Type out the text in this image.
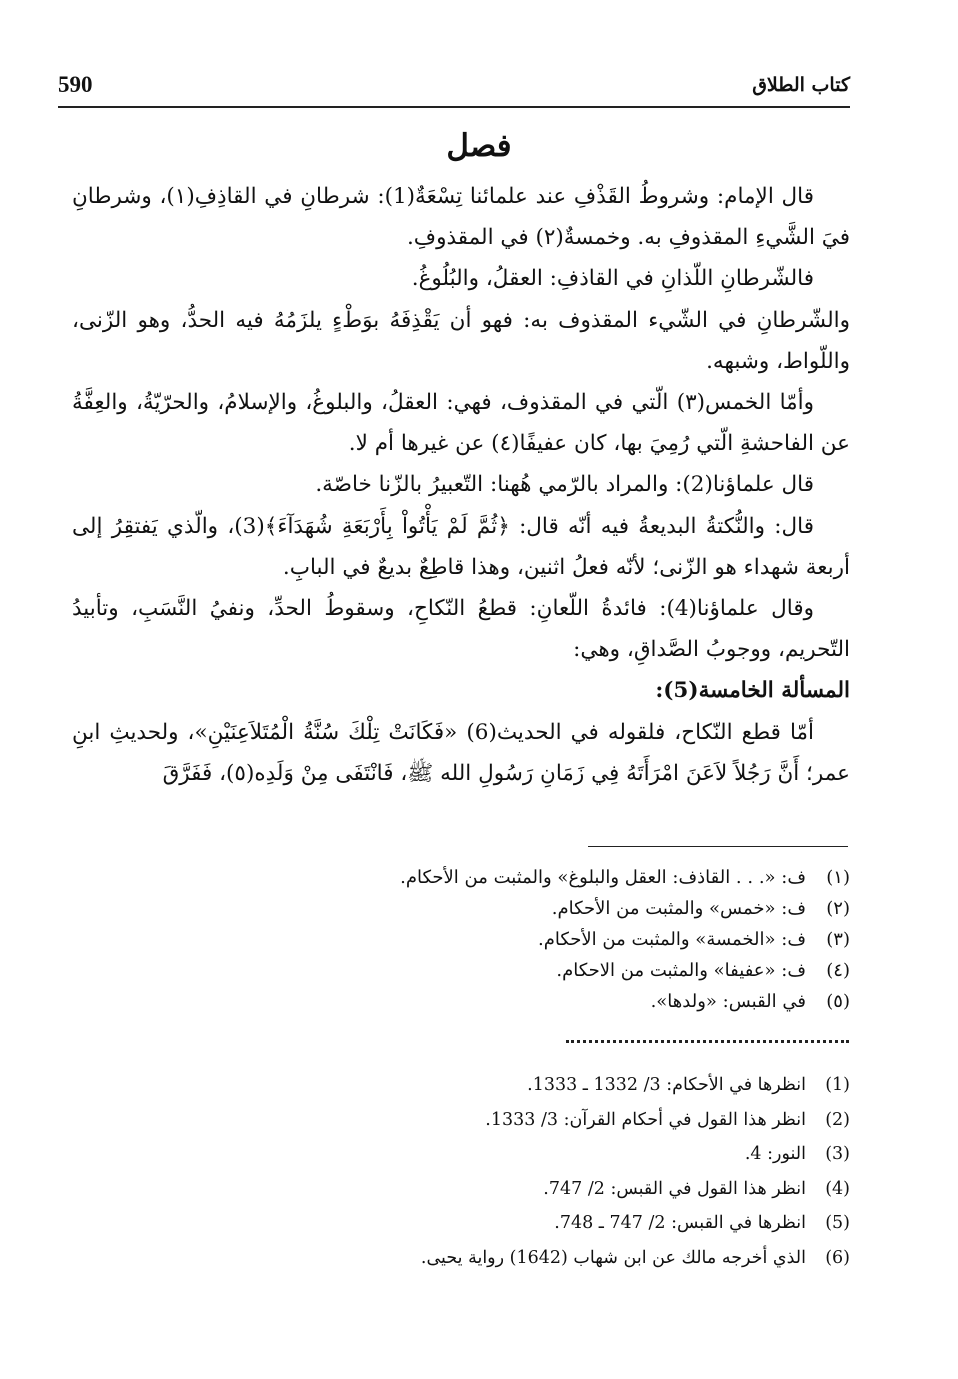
590	كتاب الطلاق
فصل

قال الإمام: وشروطُ القَذْفِ عند علمائنا تِسْعَةٌ(1): شرطانِ في القاذِفِ(١)، وشرطانِ فيَ الشَّيءِ المقذوفِ به. وخمسةٌ(٢) في المقذوفِ.

فالشّرطانِ اللّذانِ في القاذفِ: العقلُ، والبُلُوغُ.

والشّرطانِ في الشّيء المقذوف به: فهو أن يَقْذِفَهُ بوَطْءٍ يلزَمُهُ فيه الحدُّ، وهو الزّنى، واللّواط، وشبهه.

وأمّا الخمس(٣) الّتي في المقذوف، فهي: العقلُ، والبلوغُ، والإسلامُ، والحرّيّةُ، والعِفَّةُ عن الفاحشةِ الّتي رُمِيَ بها، كان عفيفًا(٤) عن غيرها أم لا.

قال علماؤنا(2): والمراد بالرّمي هُهنا: التّعبيرُ بالزّنا خاصّة.

قال: والنُّكتةُ البديعةُ فيه أنّه قال: ﴿ثُمَّ لَمْ يَأْتُواْ بِأَرْبَعَةِ شُهَدَآءَ﴾(3)، والّذي يَفتقِرُ إلى أربعة شهداء هو الزّنى؛ لأنّه فعلُ اثنين، وهذا قاطِعٌ بديعٌ في البابِ.

وقال علماؤنا(4): فائدةُ اللّعانِ: قطعُ النّكاحِ، وسقوطُ الحدِّ، ونفيُ النَّسَبِ، وتأبيدُ التّحريم، ووجوبُ الصَّداقِ، وهي:

المسألة الخامسة(5):

أمّا قطع النّكاح، فلقوله في الحديث(6) «فَكَانَتْ تِلْكَ سُنَّةُ الْمُتَلاَعِنَيْنِ»، ولحديثِ ابنِ عمر؛ أَنَّ رَجُلاً لاَعَنَ امْرَأَتَهُ فِي زَمَانِ رَسُولِ الله ﷺ، فَانْتَفَى مِنْ وَلَدِه(٥)، فَفَرَّقَ

(١)
ف: «. . . القاذف: العقل والبلوغ» والمثبت من الأحكام.
(٢)
ف: «خمس» والمثبت من الأحكام.
(٣)
ف: «الخمسة» والمثبت من الأحكام.
(٤)
ف: «عفيفا» والمثبت من الاحكام.
(٥)
في القبس: «ولدها».
(1)
انظرها في الأحكام: 3/ 1332 ـ 1333.
(2)
انظر هذا القول في أحكام القرآن: 3/ 1333.
(3)
النور: 4.
(4)
انظر هذا القول في القبس: 2/ 747.
(5)
انظرها في القبس: 2/ 747 ـ 748.
(6)
الذي أخرجه مالك عن ابن شهاب (1642) رواية يحيى.
